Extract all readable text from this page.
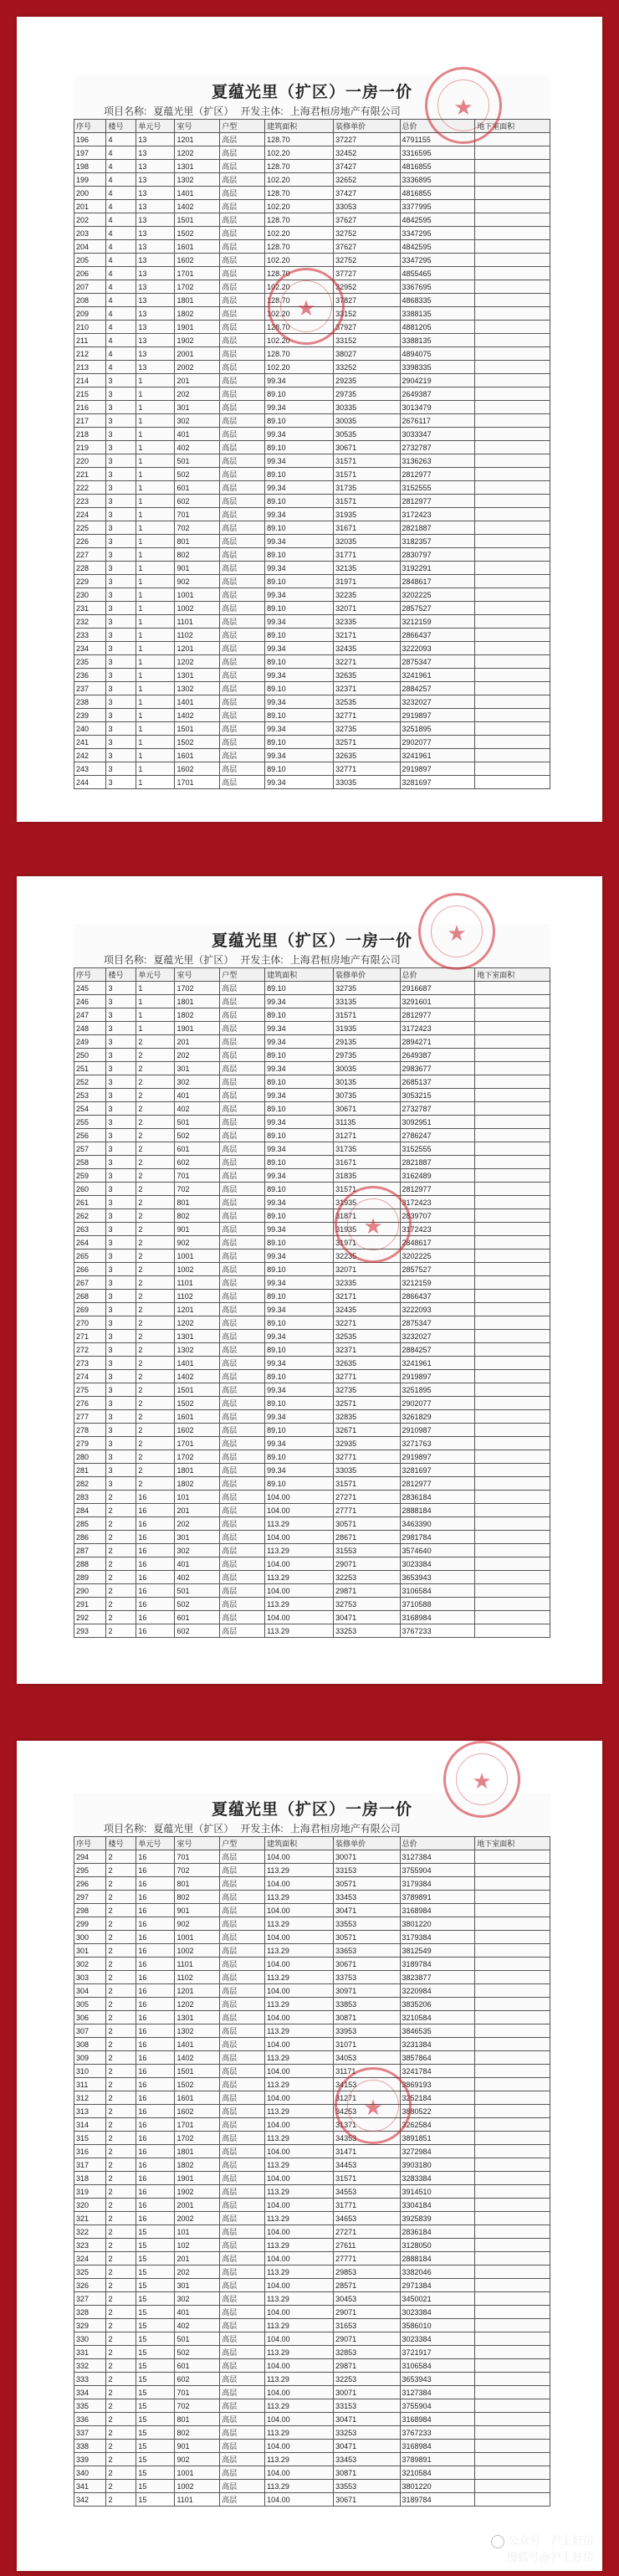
夏蕴光里（扩区）一房一价
项目名称: 夏蕴光里（扩区） 开发主体: 上海君桓房地产有限公司
序号	楼号	单元号	室号	户型	建筑面积	装修单价	总价	地下室面积
196	4	13	1201	高层	128.70	37227	4791155	
197	4	13	1202	高层	102.20	32452	3316595	
198	4	13	1301	高层	128.70	37427	4816855	
199	4	13	1302	高层	102.20	32652	3336895	
200	4	13	1401	高层	128.70	37427	4816855	
201	4	13	1402	高层	102.20	33053	3377995	
202	4	13	1501	高层	128.70	37627	4842595	
203	4	13	1502	高层	102.20	32752	3347295	
204	4	13	1601	高层	128.70	37627	4842595	
205	4	13	1602	高层	102.20	32752	3347295	
206	4	13	1701	高层	128.70	37727	4855465	
207	4	13	1702	高层	102.20	32952	3367695	
208	4	13	1801	高层	128.70	37827	4868335	
209	4	13	1802	高层	102.20	33152	3388135	
210	4	13	1901	高层	128.70	37927	4881205	
211	4	13	1902	高层	102.20	33152	3388135	
212	4	13	2001	高层	128.70	38027	4894075	
213	4	13	2002	高层	102.20	33252	3398335	
214	3	1	201	高层	99.34	29235	2904219	
215	3	1	202	高层	89.10	29735	2649387	
216	3	1	301	高层	99.34	30335	3013479	
217	3	1	302	高层	89.10	30035	2676117	
218	3	1	401	高层	99.34	30535	3033347	
219	3	1	402	高层	89.10	30671	2732787	
220	3	1	501	高层	99.34	31571	3136263	
221	3	1	502	高层	89.10	31571	2812977	
222	3	1	601	高层	99.34	31735	3152555	
223	3	1	602	高层	89.10	31571	2812977	
224	3	1	701	高层	99.34	31935	3172423	
225	3	1	702	高层	89.10	31671	2821887	
226	3	1	801	高层	99.34	32035	3182357	
227	3	1	802	高层	89.10	31771	2830797	
228	3	1	901	高层	99.34	32135	3192291	
229	3	1	902	高层	89.10	31971	2848617	
230	3	1	1001	高层	99.34	32235	3202225	
231	3	1	1002	高层	89.10	32071	2857527	
232	3	1	1101	高层	99.34	32335	3212159	
233	3	1	1102	高层	89.10	32171	2866437	
234	3	1	1201	高层	99.34	32435	3222093	
235	3	1	1202	高层	89.10	32271	2875347	
236	3	1	1301	高层	99.34	32635	3241961	
237	3	1	1302	高层	89.10	32371	2884257	
238	3	1	1401	高层	99.34	32535	3232027	
239	3	1	1402	高层	89.10	32771	2919897	
240	3	1	1501	高层	99.34	32735	3251895	
241	3	1	1502	高层	89.10	32571	2902077	
242	3	1	1601	高层	99.34	32635	3241961	
243	3	1	1602	高层	89.10	32771	2919897	
244	3	1	1701	高层	99.34	33035	3281697	
★
★
夏蕴光里（扩区）一房一价
项目名称: 夏蕴光里（扩区） 开发主体: 上海君桓房地产有限公司
序号	楼号	单元号	室号	户型	建筑面积	装修单价	总价	地下室面积
245	3	1	1702	高层	89.10	32735	2916687	
246	3	1	1801	高层	99.34	33135	3291601	
247	3	1	1802	高层	89.10	31571	2812977	
248	3	1	1901	高层	99.34	31935	3172423	
249	3	2	201	高层	99.34	29135	2894271	
250	3	2	202	高层	89.10	29735	2649387	
251	3	2	301	高层	99.34	30035	2983677	
252	3	2	302	高层	89.10	30135	2685137	
253	3	2	401	高层	99.34	30735	3053215	
254	3	2	402	高层	89.10	30671	2732787	
255	3	2	501	高层	99.34	31135	3092951	
256	3	2	502	高层	89.10	31271	2786247	
257	3	2	601	高层	99.34	31735	3152555	
258	3	2	602	高层	89.10	31671	2821887	
259	3	2	701	高层	99.34	31835	3162489	
260	3	2	702	高层	89.10	31571	2812977	
261	3	2	801	高层	99.34	31935	3172423	
262	3	2	802	高层	89.10	31871	2839707	
263	3	2	901	高层	99.34	31935	3172423	
264	3	2	902	高层	89.10	31971	2848617	
265	3	2	1001	高层	99.34	32235	3202225	
266	3	2	1002	高层	89.10	32071	2857527	
267	3	2	1101	高层	99.34	32335	3212159	
268	3	2	1102	高层	89.10	32171	2866437	
269	3	2	1201	高层	99.34	32435	3222093	
270	3	2	1202	高层	89.10	32271	2875347	
271	3	2	1301	高层	99.34	32535	3232027	
272	3	2	1302	高层	89.10	32371	2884257	
273	3	2	1401	高层	99.34	32635	3241961	
274	3	2	1402	高层	89.10	32771	2919897	
275	3	2	1501	高层	99.34	32735	3251895	
276	3	2	1502	高层	89.10	32571	2902077	
277	3	2	1601	高层	99.34	32835	3261829	
278	3	2	1602	高层	89.10	32671	2910987	
279	3	2	1701	高层	99.34	32935	3271763	
280	3	2	1702	高层	89.10	32771	2919897	
281	3	2	1801	高层	99.34	33035	3281697	
282	3	2	1802	高层	89.10	31571	2812977	
283	2	16	101	高层	104.00	27271	2836184	
284	2	16	201	高层	104.00	27771	2888184	
285	2	16	202	高层	113.29	30571	3463390	
286	2	16	301	高层	104.00	28671	2981784	
287	2	16	302	高层	113.29	31553	3574640	
288	2	16	401	高层	104.00	29071	3023384	
289	2	16	402	高层	113.29	32253	3653943	
290	2	16	501	高层	104.00	29871	3106584	
291	2	16	502	高层	113.29	32753	3710588	
292	2	16	601	高层	104.00	30471	3168984	
293	2	16	602	高层	113.29	33253	3767233	
★
★
夏蕴光里（扩区）一房一价
项目名称: 夏蕴光里（扩区） 开发主体: 上海君桓房地产有限公司
序号	楼号	单元号	室号	户型	建筑面积	装修单价	总价	地下室面积
294	2	16	701	高层	104.00	30071	3127384	
295	2	16	702	高层	113.29	33153	3755904	
296	2	16	801	高层	104.00	30571	3179384	
297	2	16	802	高层	113.29	33453	3789891	
298	2	16	901	高层	104.00	30471	3168984	
299	2	16	902	高层	113.29	33553	3801220	
300	2	16	1001	高层	104.00	30571	3179384	
301	2	16	1002	高层	113.29	33653	3812549	
302	2	16	1101	高层	104.00	30671	3189784	
303	2	16	1102	高层	113.29	33753	3823877	
304	2	16	1201	高层	104.00	30971	3220984	
305	2	16	1202	高层	113.29	33853	3835206	
306	2	16	1301	高层	104.00	30871	3210584	
307	2	16	1302	高层	113.29	33953	3846535	
308	2	16	1401	高层	104.00	31071	3231384	
309	2	16	1402	高层	113.29	34053	3857864	
310	2	16	1501	高层	104.00	31171	3241784	
311	2	16	1502	高层	113.29	34153	3869193	
312	2	16	1601	高层	104.00	31271	3252184	
313	2	16	1602	高层	113.29	34253	3880522	
314	2	16	1701	高层	104.00	31371	3262584	
315	2	16	1702	高层	113.29	34353	3891851	
316	2	16	1801	高层	104.00	31471	3272984	
317	2	16	1802	高层	113.29	34453	3903180	
318	2	16	1901	高层	104.00	31571	3283384	
319	2	16	1902	高层	113.29	34553	3914510	
320	2	16	2001	高层	104.00	31771	3304184	
321	2	16	2002	高层	113.29	34653	3925839	
322	2	15	101	高层	104.00	27271	2836184	
323	2	15	102	高层	113.29	27611	3128050	
324	2	15	201	高层	104.00	27771	2888184	
325	2	15	202	高层	113.29	29853	3382046	
326	2	15	301	高层	104.00	28571	2971384	
327	2	15	302	高层	113.29	30453	3450021	
328	2	15	401	高层	104.00	29071	3023384	
329	2	15	402	高层	113.29	31653	3586010	
330	2	15	501	高层	104.00	29071	3023384	
331	2	15	502	高层	113.29	32853	3721917	
332	2	15	601	高层	104.00	29871	3106584	
333	2	15	602	高层	113.29	32253	3653943	
334	2	15	701	高层	104.00	30071	3127384	
335	2	15	702	高层	113.29	33153	3755904	
336	2	15	801	高层	104.00	30471	3168984	
337	2	15	802	高层	113.29	33253	3767233	
338	2	15	901	高层	104.00	30471	3168984	
339	2	15	902	高层	113.29	33453	3789891	
340	2	15	1001	高层	104.00	30871	3210584	
341	2	15	1002	高层	113.29	33553	3801220	
342	2	15	1101	高层	104.00	30671	3189784	
★
★
公众号 · 沪上好房
搜狐号@沪上好房
